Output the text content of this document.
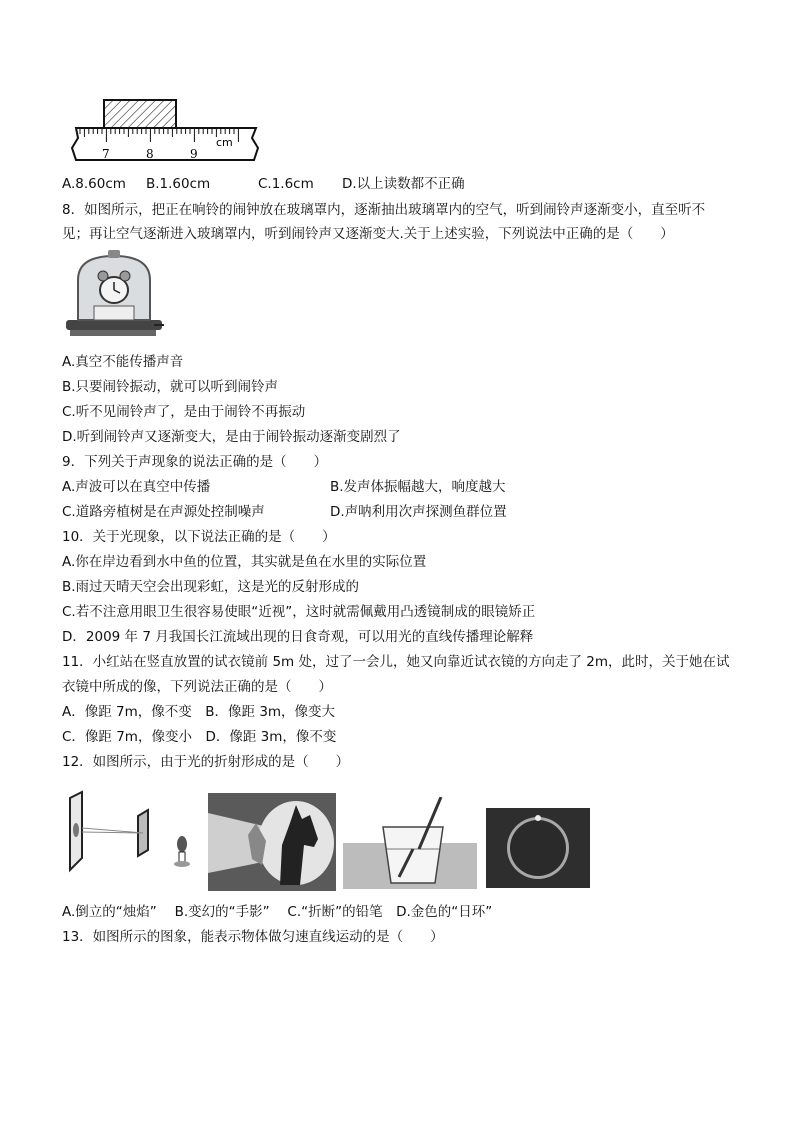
7	8	9
cm
A.8.60cm B.1.60cm	C.1.6cm D.以上读数都不正确
8．如图所示，把正在响铃的闹钟放在玻璃罩内，逐渐抽出玻璃罩内的空气，听到闹铃声逐渐变小，直至听不
见；再让空气逐渐进入玻璃罩内，听到闹铃声又逐渐变大.关于上述实验，下列说法中正确的是（　　）
A.真空不能传播声音
B.只要闹铃振动，就可以听到闹铃声
C.听不见闹铃声了，是由于闹铃不再振动
D.听到闹铃声又逐渐变大，是由于闹铃振动逐渐变剧烈了
9．下列关于声现象的说法正确的是（　　）
A.声波可以在真空中传播	B.发声体振幅越大，响度越大
C.道路旁植树是在声源处控制噪声	D.声呐利用次声探测鱼群位置
10．关于光现象，以下说法正确的是（　　）
A.你在岸边看到水中鱼的位置，其实就是鱼在水里的实际位置
B.雨过天晴天空会出现彩虹，这是光的反射形成的
C.若不注意用眼卫生很容易使眼“近视”，这时就需佩戴用凸透镜制成的眼镜矫正
D．2009 年 7 月我国长江流域出现的日食奇观，可以用光的直线传播理论解释
11．小红站在竖直放置的试衣镜前 5m 处，过了一会儿，她又向靠近试衣镜的方向走了 2m，此时，关于她在试
衣镜中所成的像，下列说法正确的是（　　）
A．像距 7m，像不变　B．像距 3m，像变大
C．像距 7m，像变小　D．像距 3m，像不变
12．如图所示，由于光的折射形成的是（　　）
A.倒立的“烛焰”　 B.变幻的“手影”　 C.“折断”的铅笔　D.金色的“日环”
13．如图所示的图象，能表示物体做匀速直线运动的是（　　）
